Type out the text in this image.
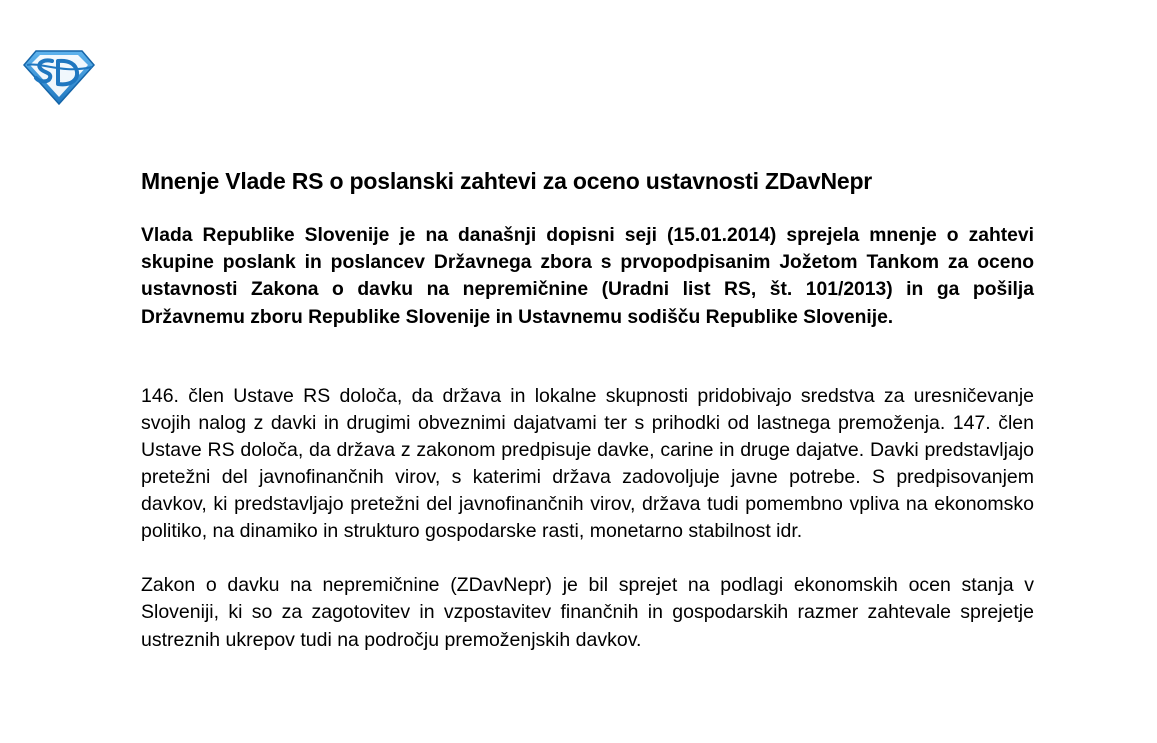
SD
Mnenje Vlade RS o poslanski zahtevi za oceno ustavnosti ZDavNepr

Vlada Republike Slovenije je na današnji dopisni seji (15.01.2014) sprejela mnenje o zahtevi skupine poslank in poslancev Državnega zbora s prvopodpisanim Jožetom Tankom za oceno ustavnosti Zakona o davku na nepremičnine (Uradni list RS, št. 101/2013) in ga pošilja Državnemu zboru Republike Slovenije in Ustavnemu sodišču Republike Slovenije.

146. člen Ustave RS določa, da država in lokalne skupnosti pridobivajo sredstva za uresničevanje svojih nalog z davki in drugimi obveznimi dajatvami ter s prihodki od lastnega premoženja. 147. člen Ustave RS določa, da država z zakonom predpisuje davke, carine in druge dajatve. Davki predstavljajo pretežni del javnofinančnih virov, s katerimi država zadovoljuje javne potrebe. S predpisovanjem davkov, ki predstavljajo pretežni del javnofinančnih virov, država tudi pomembno vpliva na ekonomsko politiko, na dinamiko in strukturo gospodarske rasti, monetarno stabilnost idr.

Zakon o davku na nepremičnine (ZDavNepr) je bil sprejet na podlagi ekonomskih ocen stanja v Sloveniji, ki so za zagotovitev in vzpostavitev finančnih in gospodarskih razmer zahtevale sprejetje ustreznih ukrepov tudi na področju premoženjskih davkov.
